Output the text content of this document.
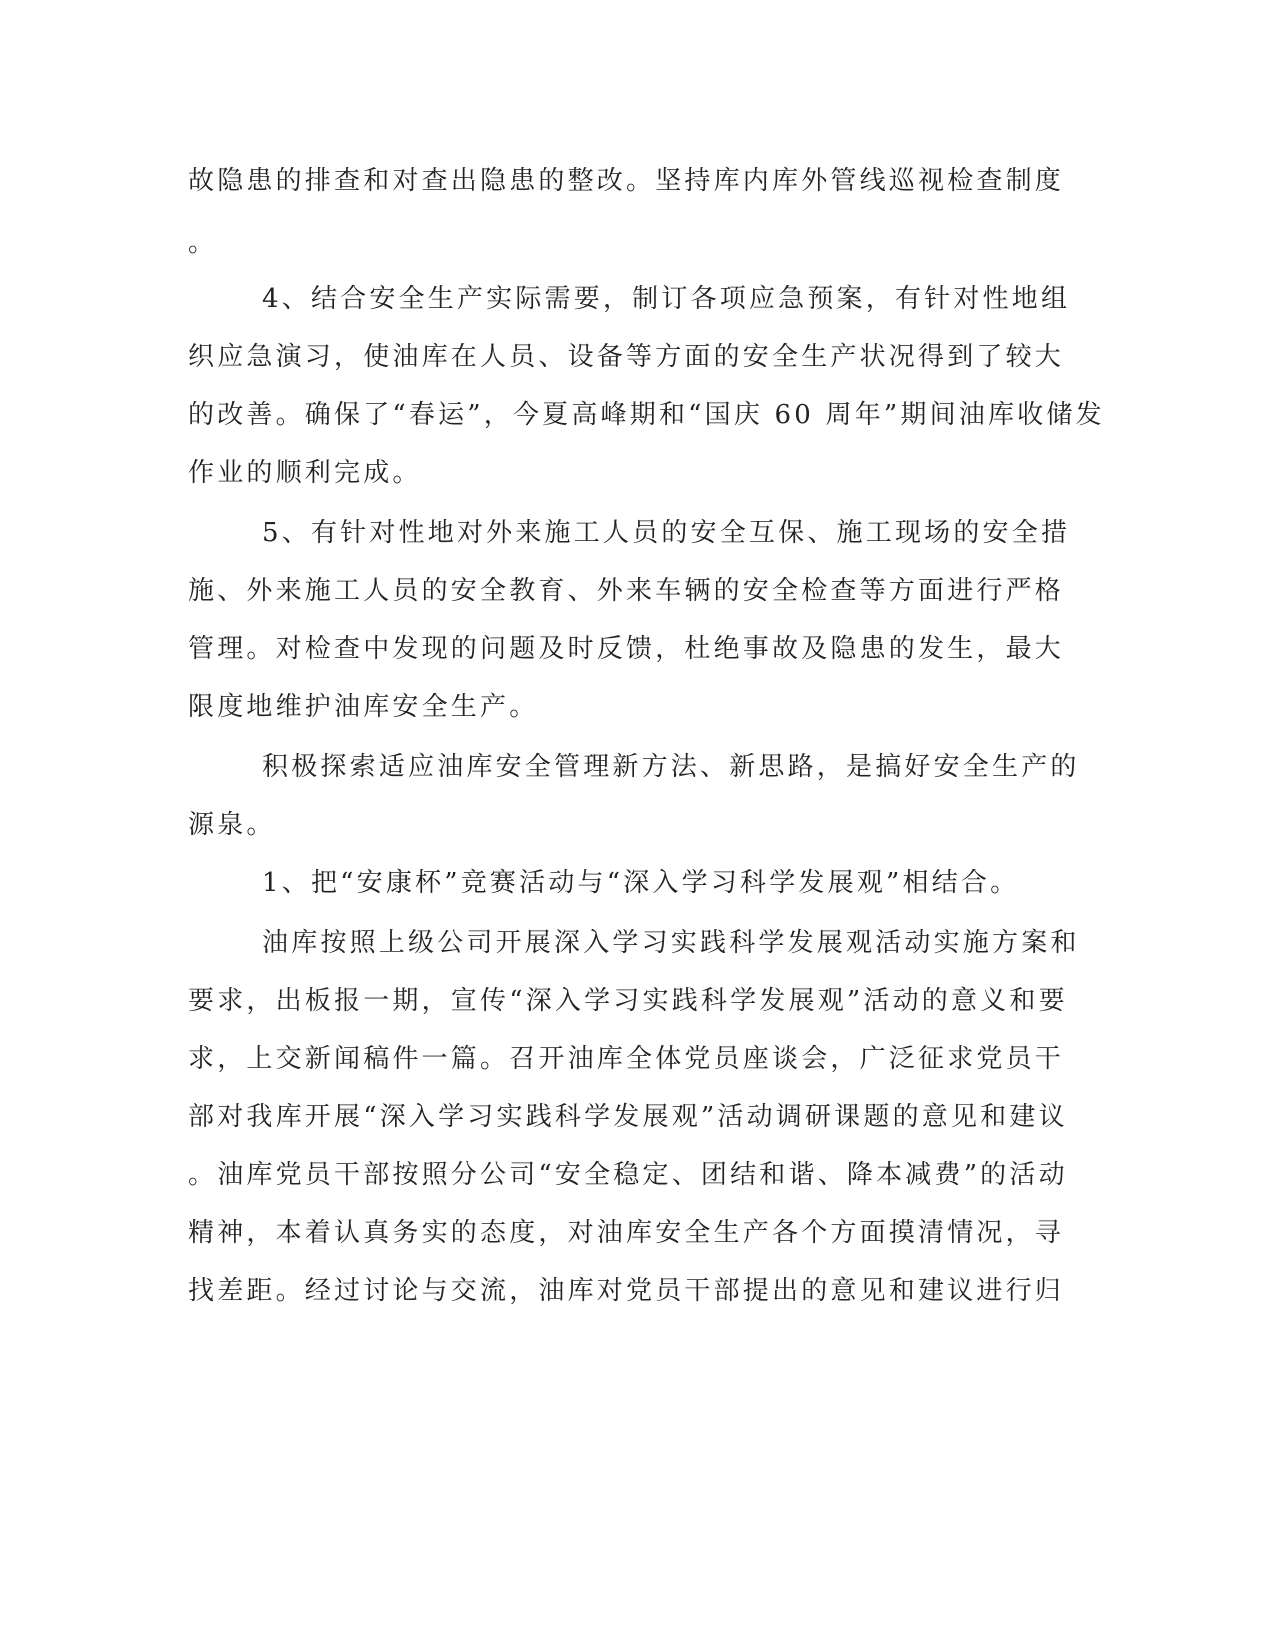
故隐患的排查和对查出隐患的整改。坚持库内库外管线巡视检查制度
。
4、结合安全生产实际需要，制订各项应急预案，有针对性地组
织应急演习，使油库在人员、设备等方面的安全生产状况得到了较大
的改善。确保了“春运”，今夏高峰期和“国庆 60 周年”期间油库收储发
作业的顺利完成。
5、有针对性地对外来施工人员的安全互保、施工现场的安全措
施、外来施工人员的安全教育、外来车辆的安全检查等方面进行严格
管理。对检查中发现的问题及时反馈，杜绝事故及隐患的发生，最大
限度地维护油库安全生产。
积极探索适应油库安全管理新方法、新思路，是搞好安全生产的
源泉。
1、把“安康杯”竞赛活动与“深入学习科学发展观”相结合。
油库按照上级公司开展深入学习实践科学发展观活动实施方案和
要求，出板报一期，宣传“深入学习实践科学发展观”活动的意义和要
求，上交新闻稿件一篇。召开油库全体党员座谈会，广泛征求党员干
部对我库开展“深入学习实践科学发展观”活动调研课题的意见和建议
。油库党员干部按照分公司“安全稳定、团结和谐、降本减费”的活动
精神，本着认真务实的态度，对油库安全生产各个方面摸清情况，寻
找差距。经过讨论与交流，油库对党员干部提出的意见和建议进行归
